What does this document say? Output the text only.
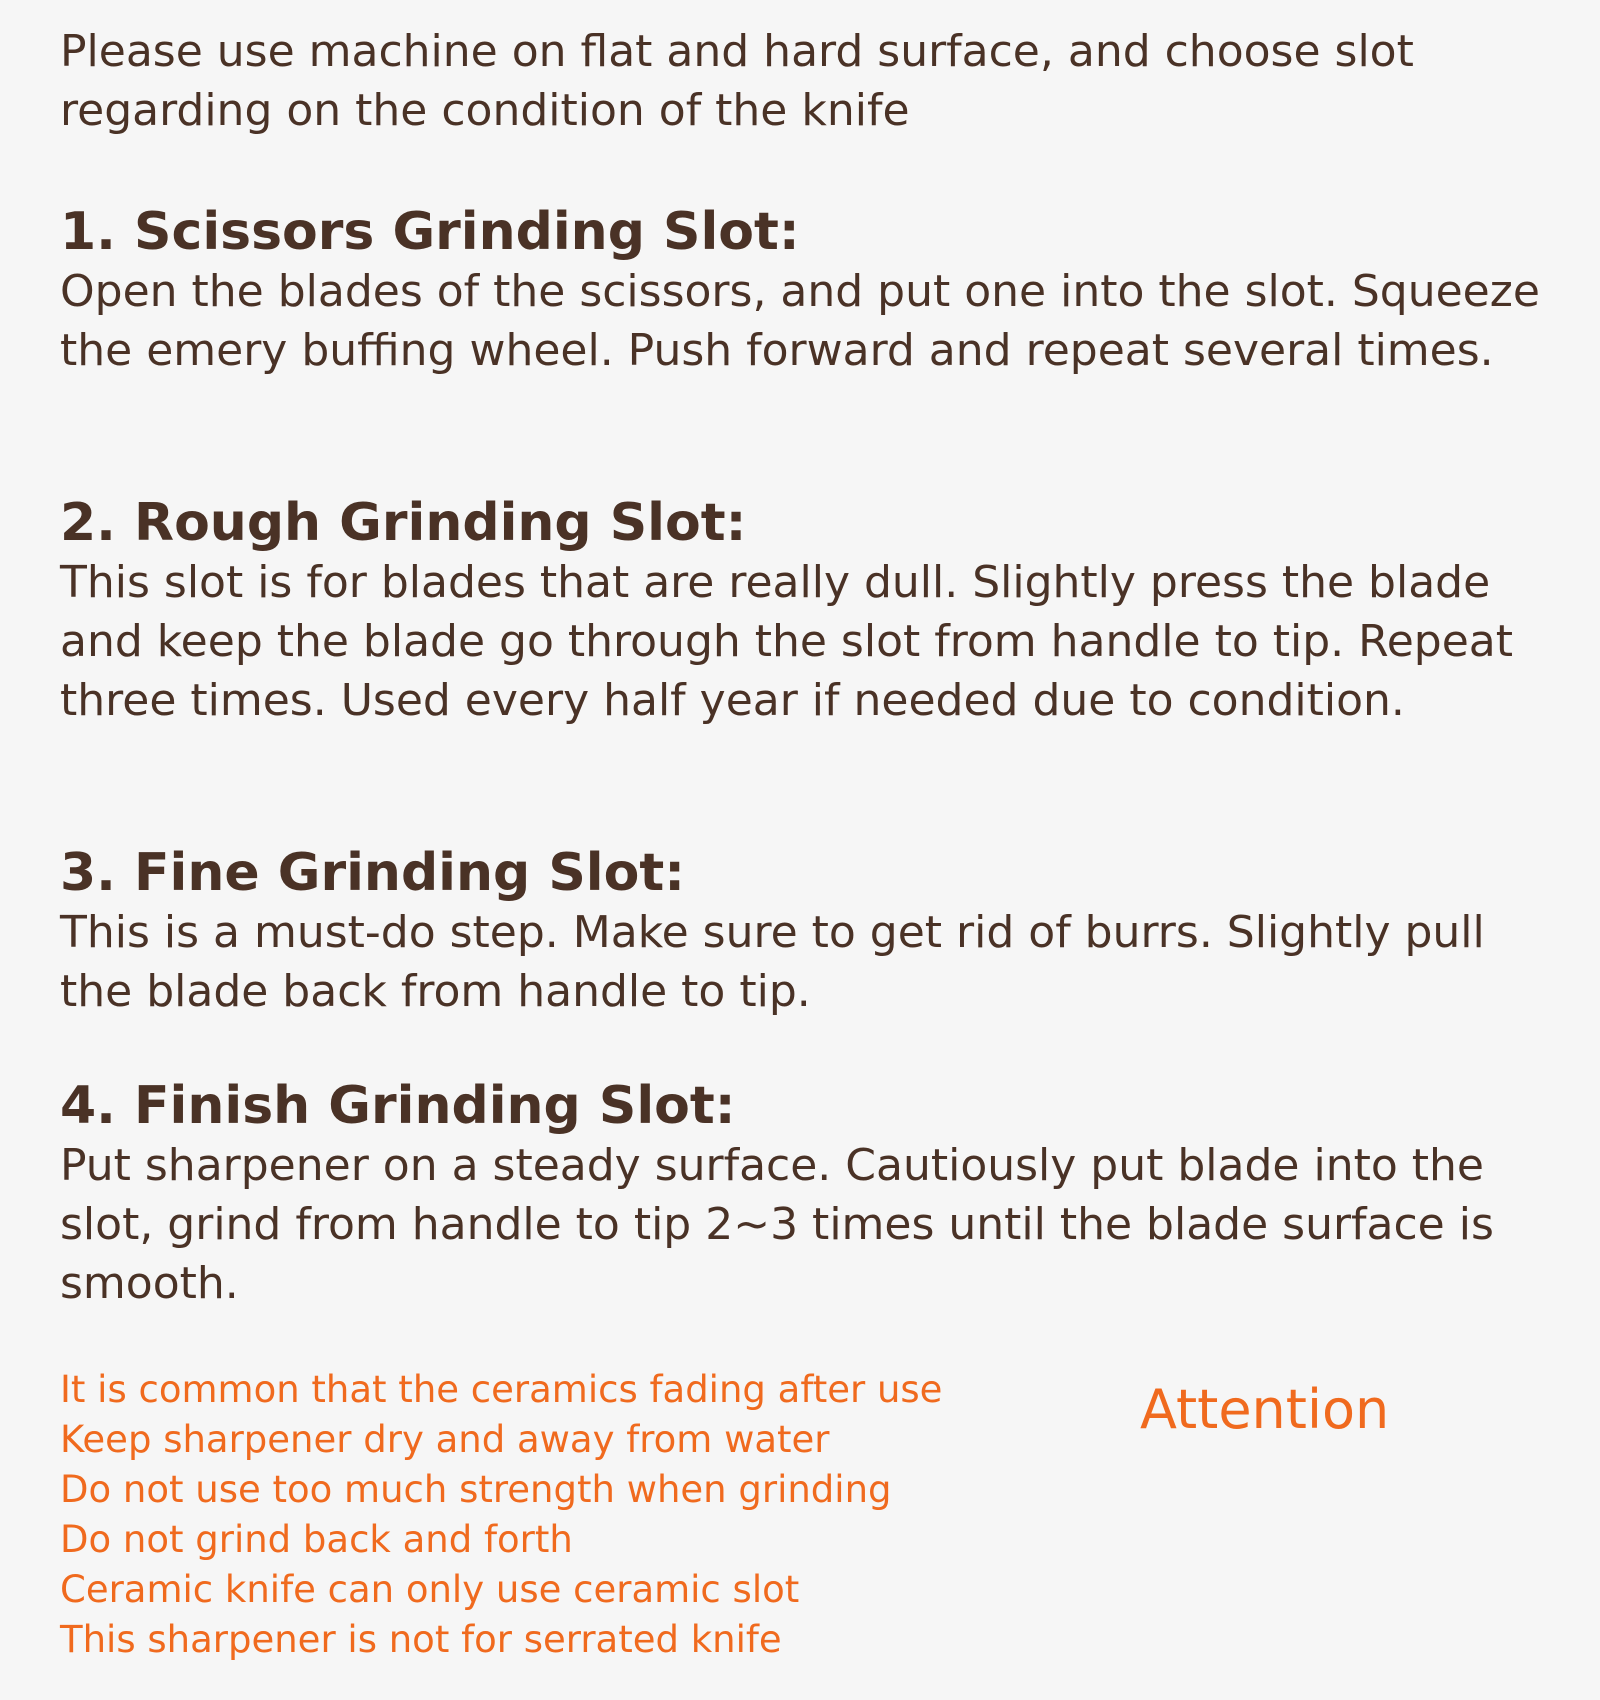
Please use machine on flat and hard surface, and choose slot regarding on the condition of the knife

1. Scissors Grinding Slot:

Open the blades of the scissors, and put one into the slot. Squeeze the emery buffing wheel. Push forward and repeat several times.

2. Rough Grinding Slot:

This slot is for blades that are really dull. Slightly press the blade and keep the blade go through the slot from handle to tip. Repeat three times. Used every half year if needed due to condition.

3. Fine Grinding Slot:

This is a must-do step. Make sure to get rid of burrs. Slightly pull the blade back from handle to tip.

4. Finish Grinding Slot:

Put sharpener on a steady surface. Cautiously put blade into the slot, grind from handle to tip 2~3 times until the blade surface is smooth.

It is common that the ceramics fading after use
Keep sharpener dry and away from water
Do not use too much strength when grinding
Do not grind back and forth
Ceramic knife can only use ceramic slot
This sharpener is not for serrated knife
Attention
